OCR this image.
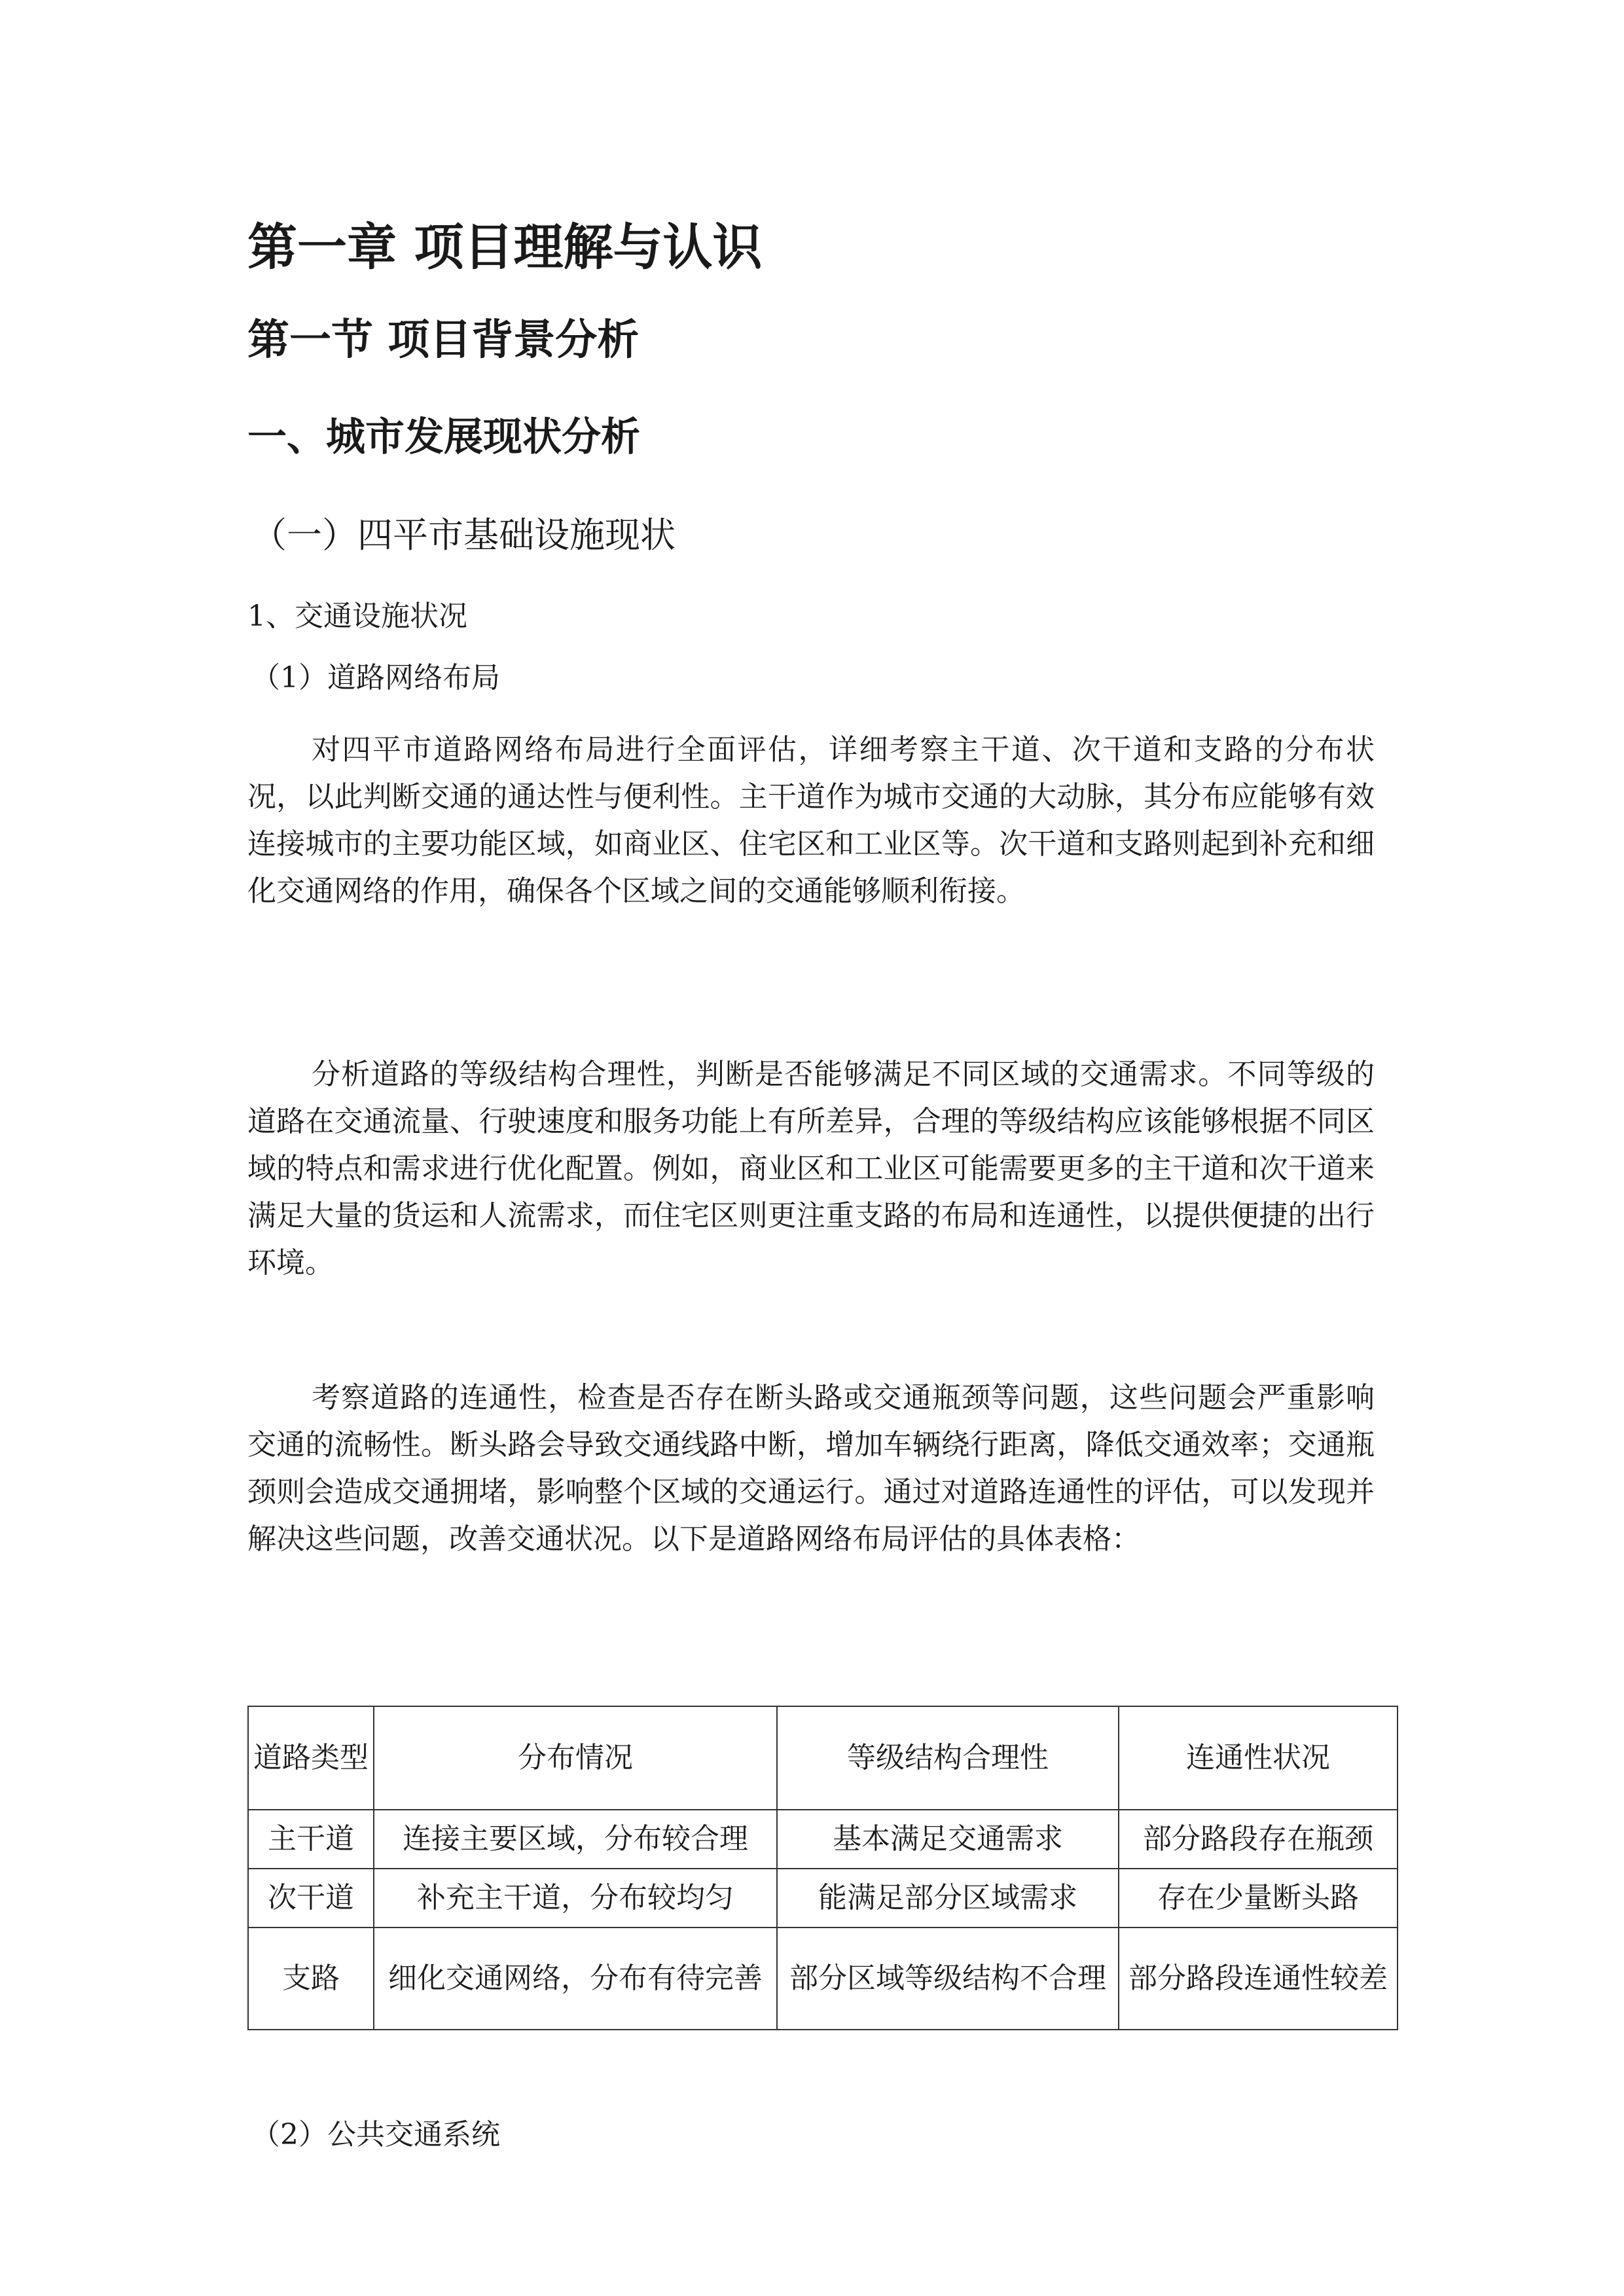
第一章 项目理解与认识
第一节 项目背景分析
一、城市发展现状分析
（一）四平市基础设施现状
1、交通设施状况
（1）道路网络布局

对四平市道路网络布局进行全面评估，详细考察主干道、次干道和支路的分布状况，以此判断交通的通达性与便利性。主干道作为城市交通的大动脉，其分布应能够有效连接城市的主要功能区域，如商业区、住宅区和工业区等。次干道和支路则起到补充和细化交通网络的作用，确保各个区域之间的交通能够顺利衔接。

分析道路的等级结构合理性，判断是否能够满足不同区域的交通需求。不同等级的道路在交通流量、行驶速度和服务功能上有所差异，合理的等级结构应该能够根据不同区域的特点和需求进行优化配置。例如，商业区和工业区可能需要更多的主干道和次干道来满足大量的货运和人流需求，而住宅区则更注重支路的布局和连通性，以提供便捷的出行环境。

考察道路的连通性，检查是否存在断头路或交通瓶颈等问题，这些问题会严重影响交通的流畅性。断头路会导致交通线路中断，增加车辆绕行距离，降低交通效率；交通瓶颈则会造成交通拥堵，影响整个区域的交通运行。通过对道路连通性的评估，可以发现并解决这些问题，改善交通状况。以下是道路网络布局评估的具体表格：

道路类型	分布情况	等级结构合理性	连通性状况
主干道	连接主要区域，分布较合理	基本满足交通需求	部分路段存在瓶颈
次干道	补充主干道，分布较均匀	能满足部分区域需求	存在少量断头路
支路	细化交通网络，分布有待完善	部分区域等级结构不合理	部分路段连通性较差
（2）公共交通系统
